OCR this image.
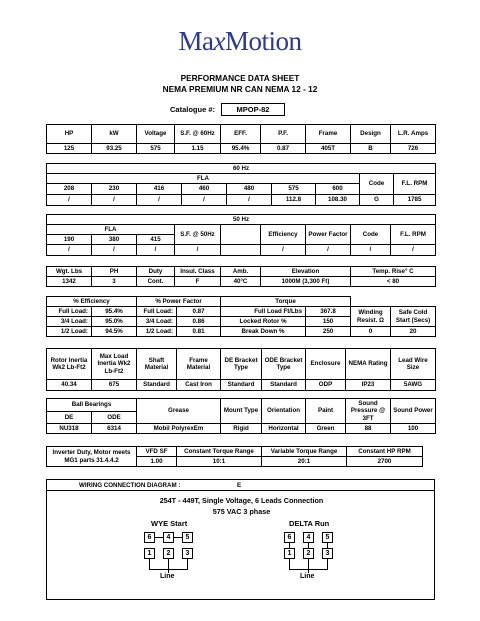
MaxMotion
PERFORMANCE DATA SHEET
NEMA PREMIUM NR CAN NEMA 12 - 12
Catalogue #:	MPOP-82
HP	kW	Voltage	S.F. @ 60Hz	EFF.	P.F.	Frame	Design	L.R. Amps
125	93.25	575	1.15	95.4%	0.87	405T	B	726
60 Hz								
FLA							Code	F.L. RPM
208	230	416	460	480	575	600		
/	/	/	/	/	112.8	108.30	G	1785
50 Hz								
FLA			S.F. @ 50Hz		Efficiency	Power Factor	Code	F.L. RPM
190	380	415						
/	/	/	/		/	/	/	/
Wgt. Lbs	PH	Duty	Insul. Class	Amb.	Elevation	Temp. Rise° C
1342	3	Cont.	F	40°C	1000M (3,300 Ft)	< 80
% Efficiency		% Power Factor		Torque			
Full Load:	95.4%	Full Load:	0.87	Full Load Ft/Lbs	367.8	Winding Resist. Ω	Safe Cold Start (Secs)
3/4 Load:	95.0%	3/4 Load:	0.86	Locked Rotor %	150		
1/2 Load:	94.5%	1/2 Load:	0.81	Break Down %	250	0	20
Rotor Inertia Wk2 Lb-Ft2	Max Load Inertia Wk2 Lb-Ft2	Shaft Material	Frame Material	DE Bracket Type	ODE Bracket Type	Enclosure	NEMA Rating	Lead Wire Size
40.34	675	Standard	Cast Iron	Standard	Standard	ODP	IP23	5AWG
Ball Bearings		Grease	Mount Type	Orientation	Paint	Sound Pressure @ 3FT	Sound Power
DE	ODE						
NU318	6314	Mobil PolyrexEm	Rigid	Horizontal	Green	88	100
Inverter Duty, Motor meets MG1 parts 31.4.4.2	VFD SF	Constant Torque Range	Variable Torque Range	Constant HP RPM	
	1.00	10:1	20:1	2700	
WIRING CONNECTION DIAGRAM :	E
254T - 449T, Single Voltage, 6 Leads Connection
575 VAC 3 phase
WYE Start	DELTA Run
6	4	5
1	2	3
Line
6	4	5
1	2	3
Line
